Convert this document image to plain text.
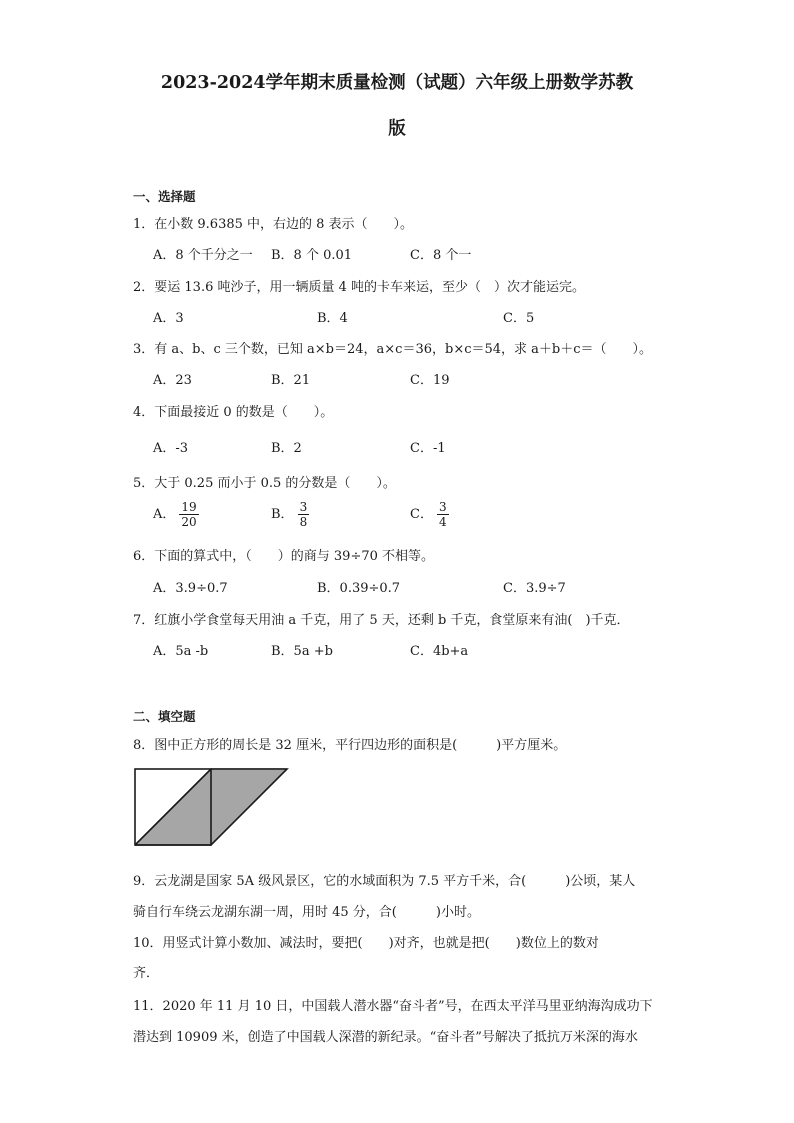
2023-2024学年期末质量检测（试题）六年级上册数学苏教
版
一、选择题
1．在小数 9.6385 中，右边的 8 表示（　　）。
A．8 个千分之一 B．8 个 0.01	C．8 个一
2．要运 13.6 吨沙子，用一辆质量 4 吨的卡车来运，至少（　）次才能运完。
A．3	B．4	C．5
3．有 a、b、c 三个数，已知 a×b＝24，a×c＝36，b×c＝54，求 a＋b＋c＝（　　）。
A．23	B．21	C．19
4．下面最接近 0 的数是（　　）。
A．-3	B．2	C．-1
5．大于 0.25 而小于 0.5 的分数是（　　）。
A． $\frac{19}{20}$	B． $\frac{3}{8}$	C． $\frac{3}{4}$
6．下面的算式中，（　　）的商与 39÷70 不相等。
A．3.9÷0.7	B．0.39÷0.7	C．3.9÷7
7．红旗小学食堂每天用油 a 千克，用了 5 天，还剩 b 千克，食堂原来有油(　)千克．
A．5a -b	B．5a +b	C．4b+a
二、填空题
8．图中正方形的周长是 32 厘米，平行四边形的面积是(　　　)平方厘米。
9．云龙湖是国家 5A 级风景区，它的水域面积为 7.5 平方千米，合(　　　)公顷，某人
骑自行车绕云龙湖东湖一周，用时 45 分，合(　　　)小时。
10．用竖式计算小数加、减法时，要把(　　)对齐，也就是把(　　)数位上的数对
齐．
11．2020 年 11 月 10 日，中国载人潜水器“奋斗者”号，在西太平洋马里亚纳海沟成功下
潜达到 10909 米，创造了中国载人深潜的新纪录。“奋斗者”号解决了抵抗万米深的海水
